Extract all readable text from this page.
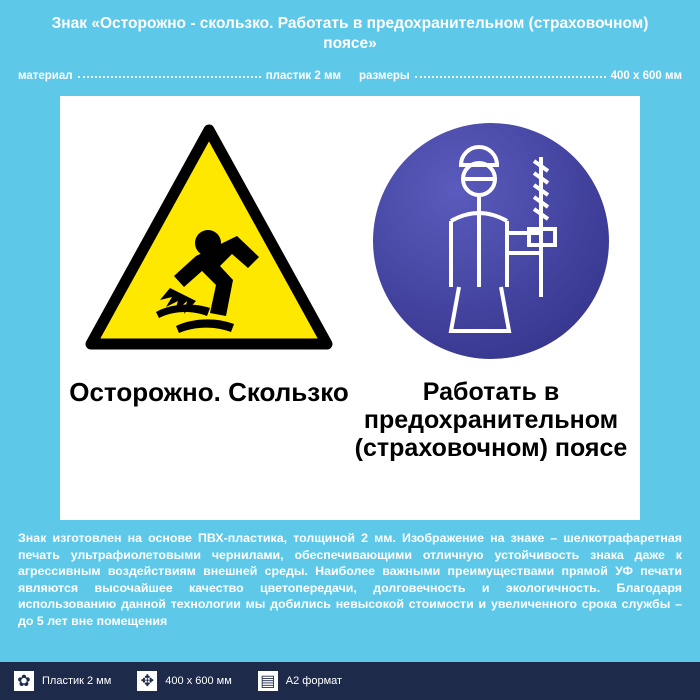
Знак «Осторожно - скользко. Работать в предохранительном (страховочном) поясе»
материал	пластик 2 мм размеры	400 x 600 мм
Осторожно. Скользко	Работать в предохранительном (страховочном) поясе
Знак изготовлен на основе ПВХ-пластика, толщиной 2 мм. Изображение на знаке – шелкотрафаретная печать ультрафиолетовыми чернилами, обеспечивающими отличную устойчивость знака даже к агрессивным воздействиям внешней среды. Наиболее важными преимуществами прямой УФ печати являются высочайшее качество цветопередачи, долговечность и экологичность. Благодаря использованию данной технологии мы добились невысокой стоимости и увеличенного срока службы – до 5 лет вне помещения
✿ Пластик 2 мм ✥ 400 x 600 мм ▤ А2 формат
